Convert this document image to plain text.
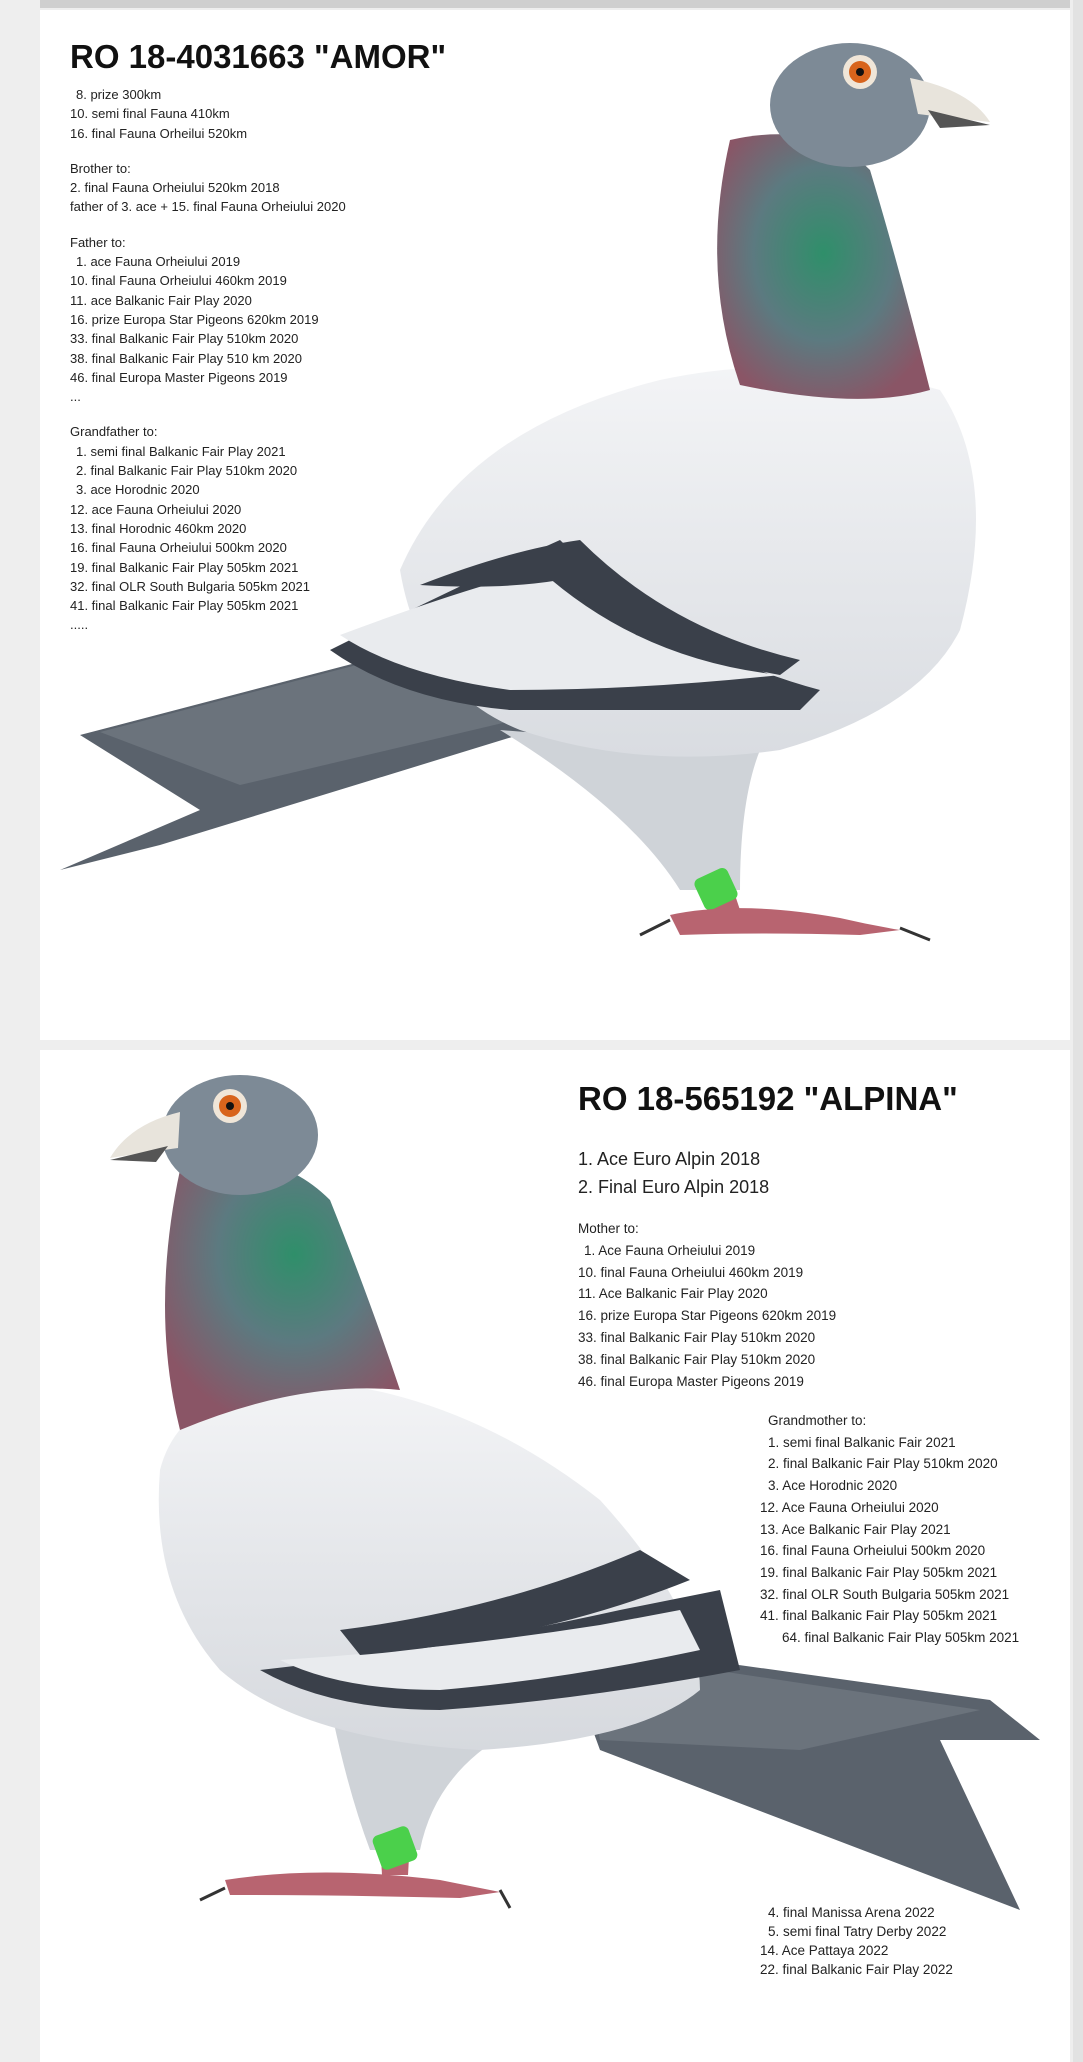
RO 18-4031663 "AMOR"
8. prize 300km
10. semi final Fauna 410km
16. final Fauna Orheilui 520km
Brother to:
2. final Fauna Orheiului 520km 2018
father of 3. ace + 15. final Fauna Orheiului 2020
Father to:
1. ace Fauna Orheiului 2019
10. final Fauna Orheiului 460km 2019
11. ace Balkanic Fair Play 2020
16. prize Europa Star Pigeons 620km 2019
33. final Balkanic Fair Play 510km 2020
38. final Balkanic Fair Play 510 km 2020
46. final Europa Master Pigeons 2019
...
Grandfather to:
1. semi final Balkanic Fair Play 2021
2. final Balkanic Fair Play 510km 2020
3. ace Horodnic 2020
12. ace Fauna Orheiului 2020
13. final Horodnic 460km 2020
16. final Fauna Orheiului 500km 2020
19. final Balkanic Fair Play 505km 2021
32. final OLR South Bulgaria 505km 2021
41. final Balkanic Fair Play 505km 2021
.....
RO 18-565192 "ALPINA"
1. Ace Euro Alpin 2018
2. Final Euro Alpin 2018
Mother to:
1. Ace Fauna Orheiului 2019
10. final Fauna Orheiului 460km 2019
11. Ace Balkanic Fair Play 2020
16. prize Europa Star Pigeons 620km 2019
33. final Balkanic Fair Play 510km 2020
38. final Balkanic Fair Play 510km 2020
46. final Europa Master Pigeons 2019
Grandmother to:
1. semi final Balkanic Fair 2021
2. final Balkanic Fair Play 510km 2020
3. Ace Horodnic 2020
12. Ace Fauna Orheiului 2020
13. Ace Balkanic Fair Play 2021
16. final Fauna Orheiului 500km 2020
19. final Balkanic Fair Play 505km 2021
32. final OLR South Bulgaria 505km 2021
41. final Balkanic Fair Play 505km 2021
64. final Balkanic Fair Play 505km 2021
4. final Manissa Arena 2022
5. semi final Tatry Derby 2022
14. Ace Pattaya 2022
22. final Balkanic Fair Play 2022
